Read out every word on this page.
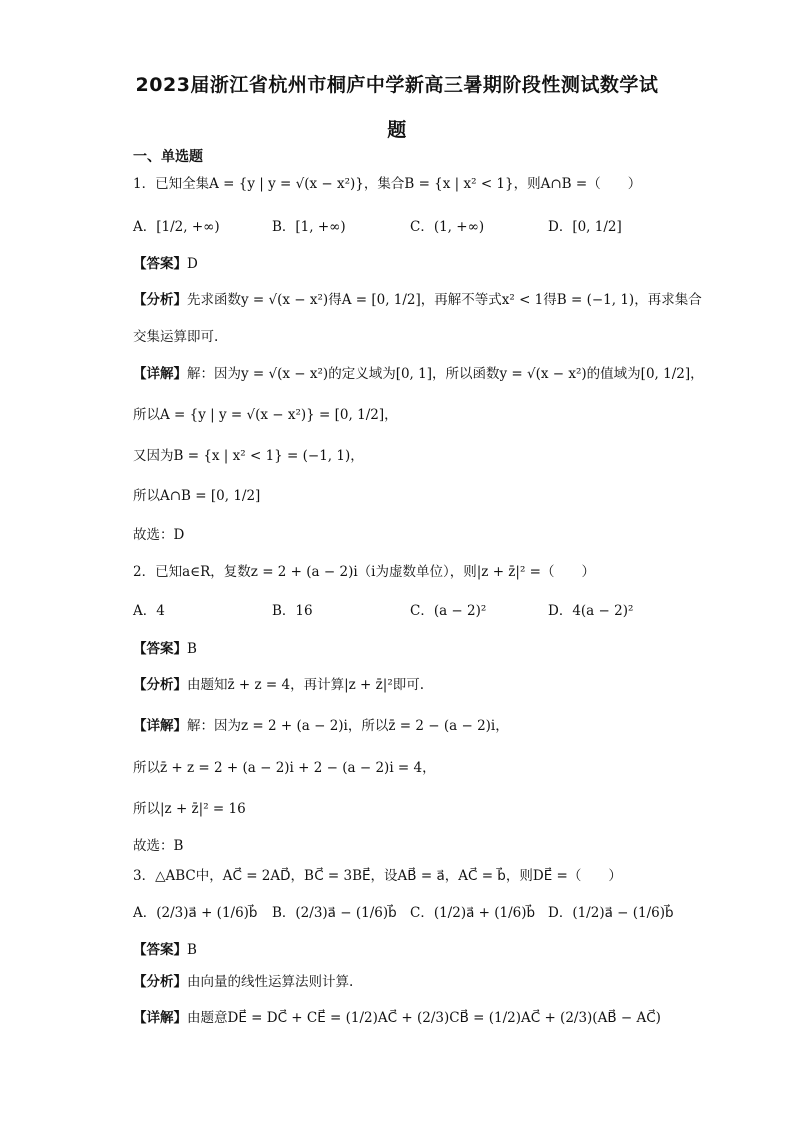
2023届浙江省杭州市桐庐中学新高三暑期阶段性测试数学试
题
一、单选题
1．已知全集A = {y | y = √(x − x²)}，集合B = {x | x² < 1}，则A∩B =（　　）
A．[1/2, +∞)	B．[1, +∞)	C．(1, +∞)	D．[0, 1/2]
【答案】D
【分析】先求函数y = √(x − x²)得A = [0, 1/2]，再解不等式x² < 1得B = (−1, 1)，再求集合
交集运算即可.
【详解】解：因为y = √(x − x²)的定义域为[0, 1]，所以函数y = √(x − x²)的值域为[0, 1/2]，
所以A = {y | y = √(x − x²)} = [0, 1/2]，
又因为B = {x | x² < 1} = (−1, 1)，
所以A∩B = [0, 1/2]
故选：D
2．已知a∈R，复数z = 2 + (a − 2)i（i为虚数单位），则|z + z̄|² =（　　）
A．4	B．16	C．(a − 2)²	D．4(a − 2)²
【答案】B
【分析】由题知z̄ + z = 4，再计算|z + z̄|²即可.
【详解】解：因为z = 2 + (a − 2)i，所以z̄ = 2 − (a − 2)i，
所以z̄ + z = 2 + (a − 2)i + 2 − (a − 2)i = 4，
所以|z + z̄|² = 16
故选：B
3．△ABC中，AC⃗ = 2AD⃗，BC⃗ = 3BE⃗，设AB⃗ = a⃗，AC⃗ = b⃗，则DE⃗ =（　　）
A．(2/3)a⃗ + (1/6)b⃗ B．(2/3)a⃗ − (1/6)b⃗ C．(1/2)a⃗ + (1/6)b⃗ D．(1/2)a⃗ − (1/6)b⃗
【答案】B
【分析】由向量的线性运算法则计算.
【详解】由题意DE⃗ = DC⃗ + CE⃗ = (1/2)AC⃗ + (2/3)CB⃗ = (1/2)AC⃗ + (2/3)(AB⃗ − AC⃗)
